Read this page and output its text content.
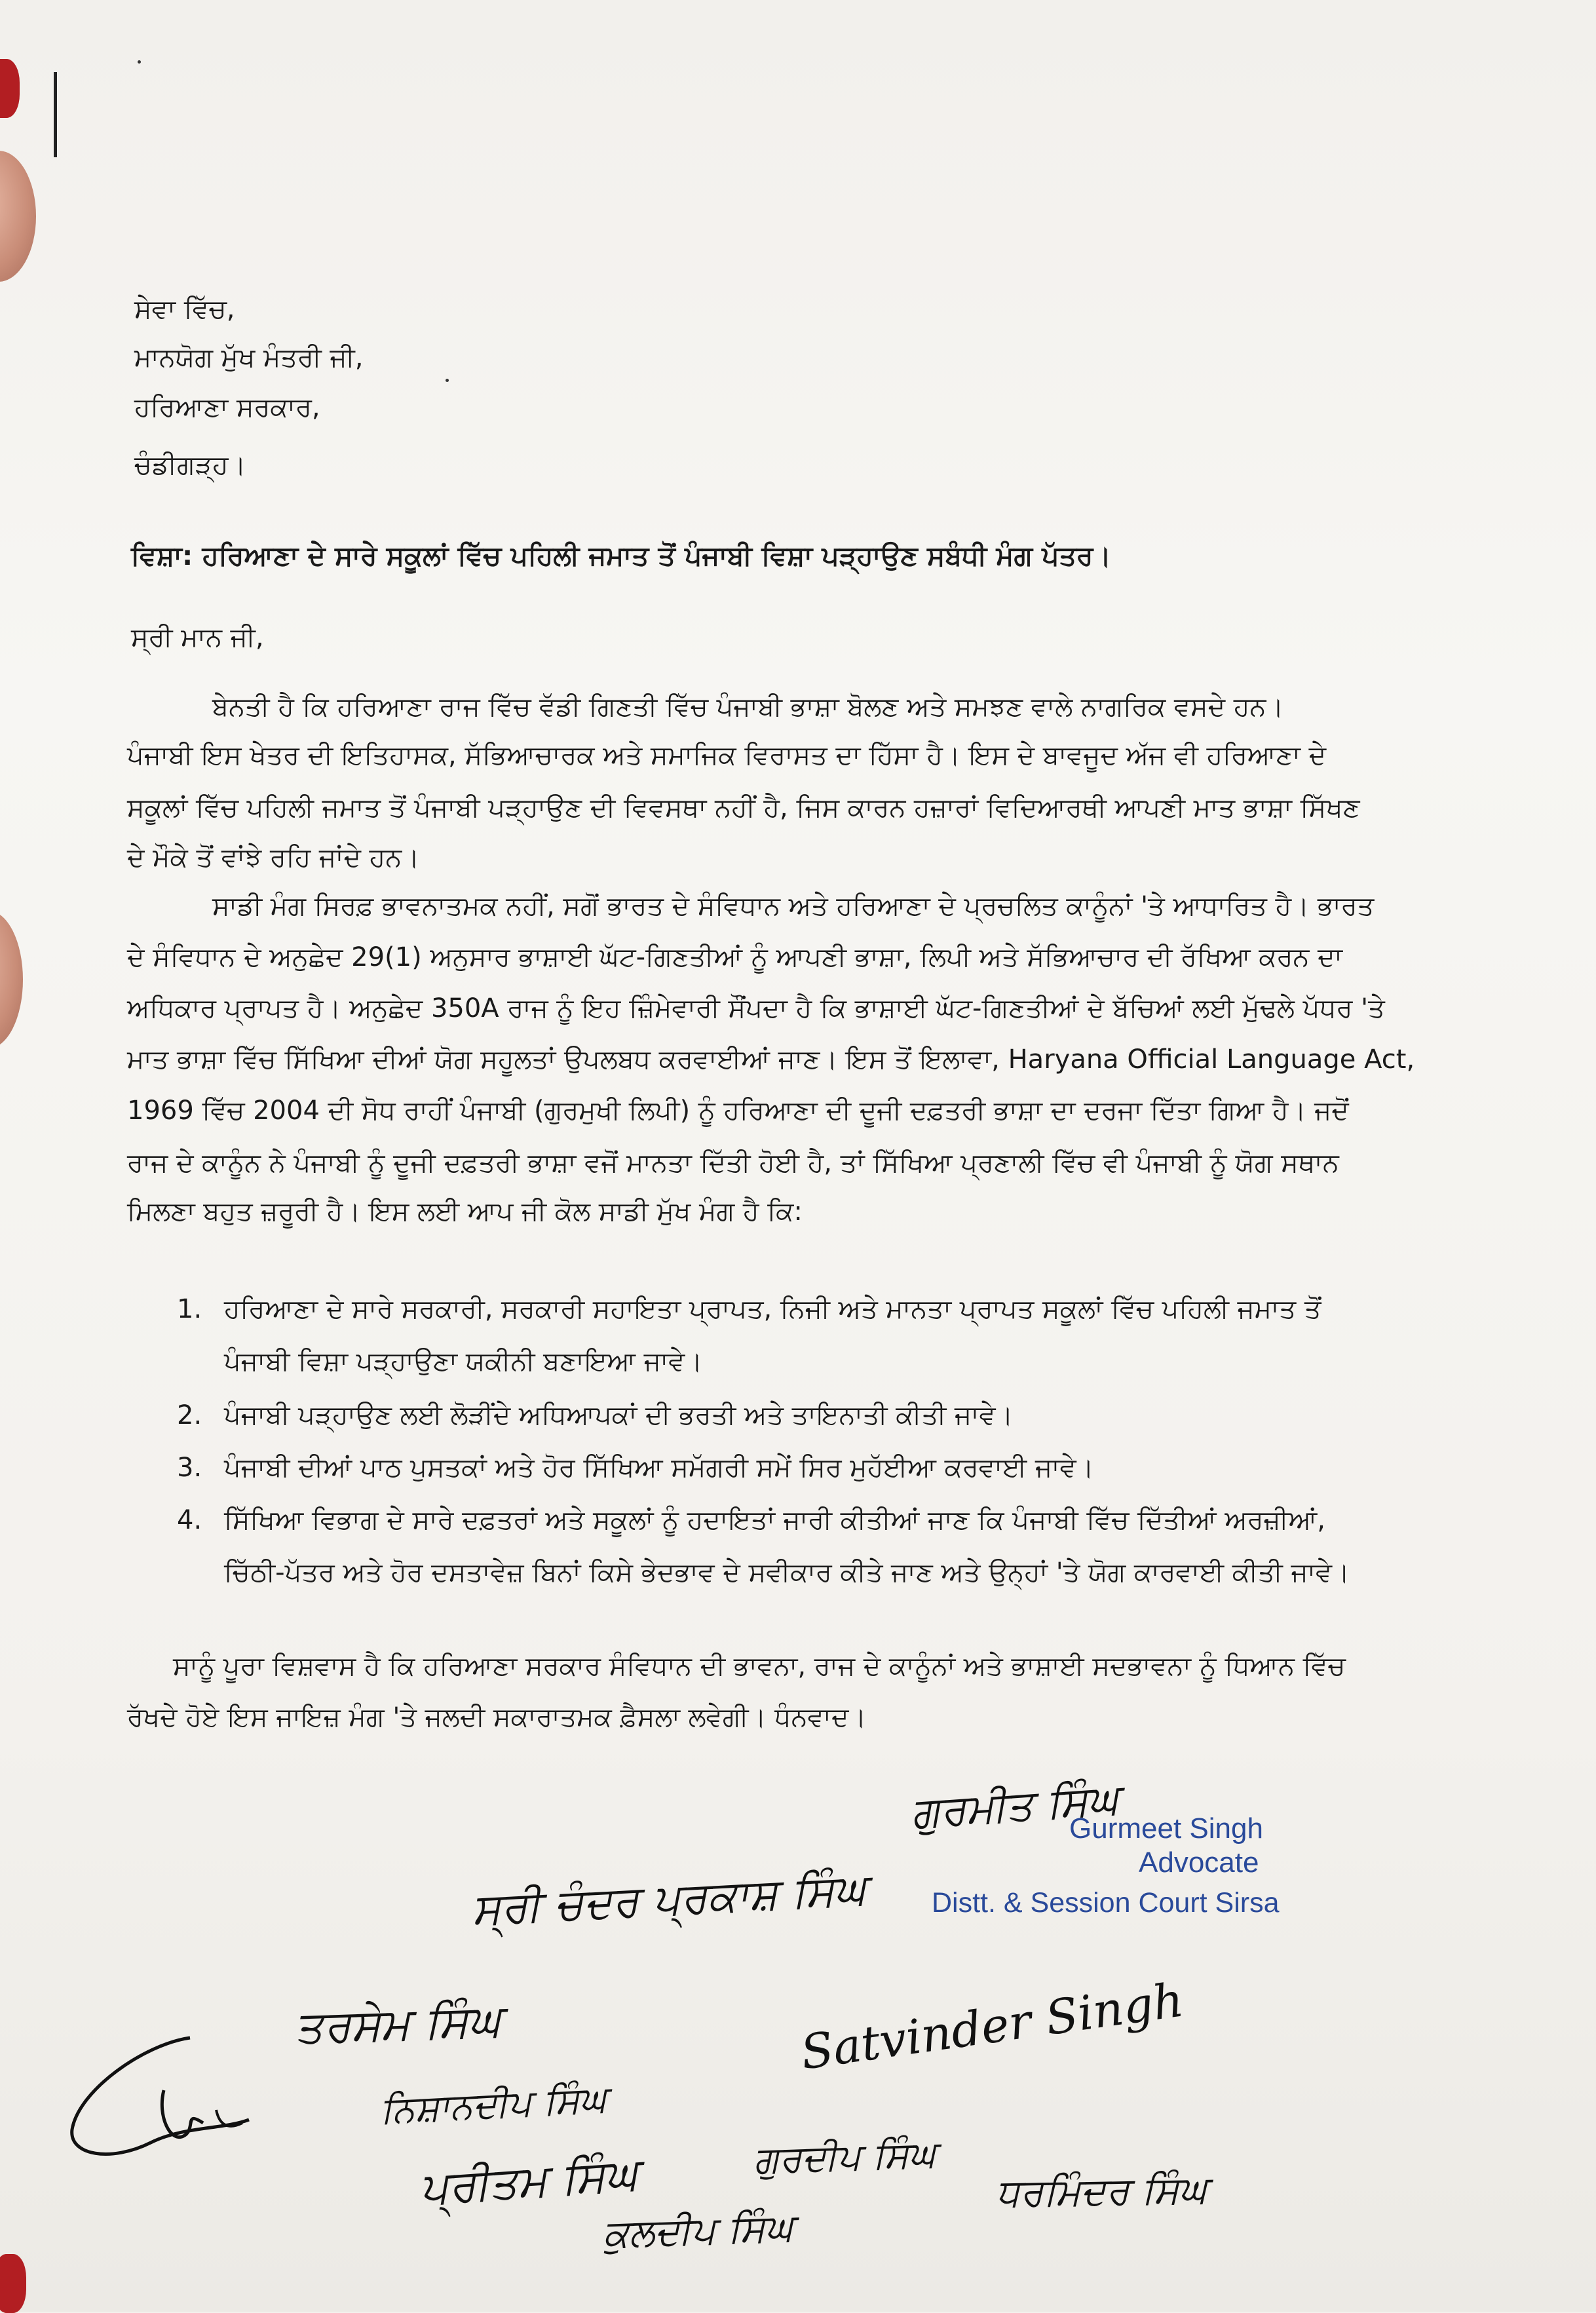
ਸੇਵਾ ਵਿੱਚ,
ਮਾਨਯੋਗ ਮੁੱਖ ਮੰਤਰੀ ਜੀ,
ਹਰਿਆਣਾ ਸਰਕਾਰ,
ਚੰਡੀਗੜ੍ਹ।
ਵਿਸ਼ਾ: ਹਰਿਆਣਾ ਦੇ ਸਾਰੇ ਸਕੂਲਾਂ ਵਿੱਚ ਪਹਿਲੀ ਜਮਾਤ ਤੋਂ ਪੰਜਾਬੀ ਵਿਸ਼ਾ ਪੜ੍ਹਾਉਣ ਸਬੰਧੀ ਮੰਗ ਪੱਤਰ।
ਸ੍ਰੀ ਮਾਨ ਜੀ,
ਬੇਨਤੀ ਹੈ ਕਿ ਹਰਿਆਣਾ ਰਾਜ ਵਿੱਚ ਵੱਡੀ ਗਿਣਤੀ ਵਿੱਚ ਪੰਜਾਬੀ ਭਾਸ਼ਾ ਬੋਲਣ ਅਤੇ ਸਮਝਣ ਵਾਲੇ ਨਾਗਰਿਕ ਵਸਦੇ ਹਨ।
ਪੰਜਾਬੀ ਇਸ ਖੇਤਰ ਦੀ ਇਤਿਹਾਸਕ, ਸੱਭਿਆਚਾਰਕ ਅਤੇ ਸਮਾਜਿਕ ਵਿਰਾਸਤ ਦਾ ਹਿੱਸਾ ਹੈ। ਇਸ ਦੇ ਬਾਵਜੂਦ ਅੱਜ ਵੀ ਹਰਿਆਣਾ ਦੇ
ਸਕੂਲਾਂ ਵਿੱਚ ਪਹਿਲੀ ਜਮਾਤ ਤੋਂ ਪੰਜਾਬੀ ਪੜ੍ਹਾਉਣ ਦੀ ਵਿਵਸਥਾ ਨਹੀਂ ਹੈ, ਜਿਸ ਕਾਰਨ ਹਜ਼ਾਰਾਂ ਵਿਦਿਆਰਥੀ ਆਪਣੀ ਮਾਤ ਭਾਸ਼ਾ ਸਿੱਖਣ
ਦੇ ਮੌਕੇ ਤੋਂ ਵਾਂਝੇ ਰਹਿ ਜਾਂਦੇ ਹਨ।
ਸਾਡੀ ਮੰਗ ਸਿਰਫ਼ ਭਾਵਨਾਤਮਕ ਨਹੀਂ, ਸਗੋਂ ਭਾਰਤ ਦੇ ਸੰਵਿਧਾਨ ਅਤੇ ਹਰਿਆਣਾ ਦੇ ਪ੍ਰਚਲਿਤ ਕਾਨੂੰਨਾਂ 'ਤੇ ਆਧਾਰਿਤ ਹੈ। ਭਾਰਤ
ਦੇ ਸੰਵਿਧਾਨ ਦੇ ਅਨੁਛੇਦ 29(1) ਅਨੁਸਾਰ ਭਾਸ਼ਾਈ ਘੱਟ-ਗਿਣਤੀਆਂ ਨੂੰ ਆਪਣੀ ਭਾਸ਼ਾ, ਲਿਪੀ ਅਤੇ ਸੱਭਿਆਚਾਰ ਦੀ ਰੱਖਿਆ ਕਰਨ ਦਾ
ਅਧਿਕਾਰ ਪ੍ਰਾਪਤ ਹੈ। ਅਨੁਛੇਦ 350A ਰਾਜ ਨੂੰ ਇਹ ਜ਼ਿੰਮੇਵਾਰੀ ਸੌਂਪਦਾ ਹੈ ਕਿ ਭਾਸ਼ਾਈ ਘੱਟ-ਗਿਣਤੀਆਂ ਦੇ ਬੱਚਿਆਂ ਲਈ ਮੁੱਢਲੇ ਪੱਧਰ 'ਤੇ
ਮਾਤ ਭਾਸ਼ਾ ਵਿੱਚ ਸਿੱਖਿਆ ਦੀਆਂ ਯੋਗ ਸਹੂਲਤਾਂ ਉਪਲਬਧ ਕਰਵਾਈਆਂ ਜਾਣ। ਇਸ ਤੋਂ ਇਲਾਵਾ, Haryana Official Language Act,
1969 ਵਿੱਚ 2004 ਦੀ ਸੋਧ ਰਾਹੀਂ ਪੰਜਾਬੀ (ਗੁਰਮੁਖੀ ਲਿਪੀ) ਨੂੰ ਹਰਿਆਣਾ ਦੀ ਦੂਜੀ ਦਫ਼ਤਰੀ ਭਾਸ਼ਾ ਦਾ ਦਰਜਾ ਦਿੱਤਾ ਗਿਆ ਹੈ। ਜਦੋਂ
ਰਾਜ ਦੇ ਕਾਨੂੰਨ ਨੇ ਪੰਜਾਬੀ ਨੂੰ ਦੂਜੀ ਦਫ਼ਤਰੀ ਭਾਸ਼ਾ ਵਜੋਂ ਮਾਨਤਾ ਦਿੱਤੀ ਹੋਈ ਹੈ, ਤਾਂ ਸਿੱਖਿਆ ਪ੍ਰਣਾਲੀ ਵਿੱਚ ਵੀ ਪੰਜਾਬੀ ਨੂੰ ਯੋਗ ਸਥਾਨ
ਮਿਲਣਾ ਬਹੁਤ ਜ਼ਰੂਰੀ ਹੈ। ਇਸ ਲਈ ਆਪ ਜੀ ਕੋਲ ਸਾਡੀ ਮੁੱਖ ਮੰਗ ਹੈ ਕਿ:
1. ਹਰਿਆਣਾ ਦੇ ਸਾਰੇ ਸਰਕਾਰੀ, ਸਰਕਾਰੀ ਸਹਾਇਤਾ ਪ੍ਰਾਪਤ, ਨਿਜੀ ਅਤੇ ਮਾਨਤਾ ਪ੍ਰਾਪਤ ਸਕੂਲਾਂ ਵਿੱਚ ਪਹਿਲੀ ਜਮਾਤ ਤੋਂ
ਪੰਜਾਬੀ ਵਿਸ਼ਾ ਪੜ੍ਹਾਉਣਾ ਯਕੀਨੀ ਬਣਾਇਆ ਜਾਵੇ।
2. ਪੰਜਾਬੀ ਪੜ੍ਹਾਉਣ ਲਈ ਲੋੜੀਂਦੇ ਅਧਿਆਪਕਾਂ ਦੀ ਭਰਤੀ ਅਤੇ ਤਾਇਨਾਤੀ ਕੀਤੀ ਜਾਵੇ।
3. ਪੰਜਾਬੀ ਦੀਆਂ ਪਾਠ ਪੁਸਤਕਾਂ ਅਤੇ ਹੋਰ ਸਿੱਖਿਆ ਸਮੱਗਰੀ ਸਮੇਂ ਸਿਰ ਮੁਹੱਈਆ ਕਰਵਾਈ ਜਾਵੇ।
4. ਸਿੱਖਿਆ ਵਿਭਾਗ ਦੇ ਸਾਰੇ ਦਫ਼ਤਰਾਂ ਅਤੇ ਸਕੂਲਾਂ ਨੂੰ ਹਦਾਇਤਾਂ ਜਾਰੀ ਕੀਤੀਆਂ ਜਾਣ ਕਿ ਪੰਜਾਬੀ ਵਿੱਚ ਦਿੱਤੀਆਂ ਅਰਜ਼ੀਆਂ,
ਚਿੱਠੀ-ਪੱਤਰ ਅਤੇ ਹੋਰ ਦਸਤਾਵੇਜ਼ ਬਿਨਾਂ ਕਿਸੇ ਭੇਦਭਾਵ ਦੇ ਸਵੀਕਾਰ ਕੀਤੇ ਜਾਣ ਅਤੇ ਉਨ੍ਹਾਂ 'ਤੇ ਯੋਗ ਕਾਰਵਾਈ ਕੀਤੀ ਜਾਵੇ।
ਸਾਨੂੰ ਪੂਰਾ ਵਿਸ਼ਵਾਸ ਹੈ ਕਿ ਹਰਿਆਣਾ ਸਰਕਾਰ ਸੰਵਿਧਾਨ ਦੀ ਭਾਵਨਾ, ਰਾਜ ਦੇ ਕਾਨੂੰਨਾਂ ਅਤੇ ਭਾਸ਼ਾਈ ਸਦਭਾਵਨਾ ਨੂੰ ਧਿਆਨ ਵਿੱਚ
ਰੱਖਦੇ ਹੋਏ ਇਸ ਜਾਇਜ਼ ਮੰਗ 'ਤੇ ਜਲਦੀ ਸਕਾਰਾਤਮਕ ਫ਼ੈਸਲਾ ਲਵੇਗੀ। ਧੰਨਵਾਦ।
Gurmeet Singh
Advocate
Distt. & Session Court Sirsa
ਗੁਰਮੀਤ ਸਿੰਘ
ਸ੍ਰੀ ਚੰਦਰ ਪ੍ਰਕਾਸ਼ ਸਿੰਘ
ਤਰਸੇਮ ਸਿੰਘ	Satvinder Singh
ਨਿਸ਼ਾਨਦੀਪ ਸਿੰਘ
ਪ੍ਰੀਤਮ ਸਿੰਘ	ਗੁਰਦੀਪ ਸਿੰਘ
ਧਰਮਿੰਦਰ ਸਿੰਘ
ਕੁਲਦੀਪ ਸਿੰਘ
